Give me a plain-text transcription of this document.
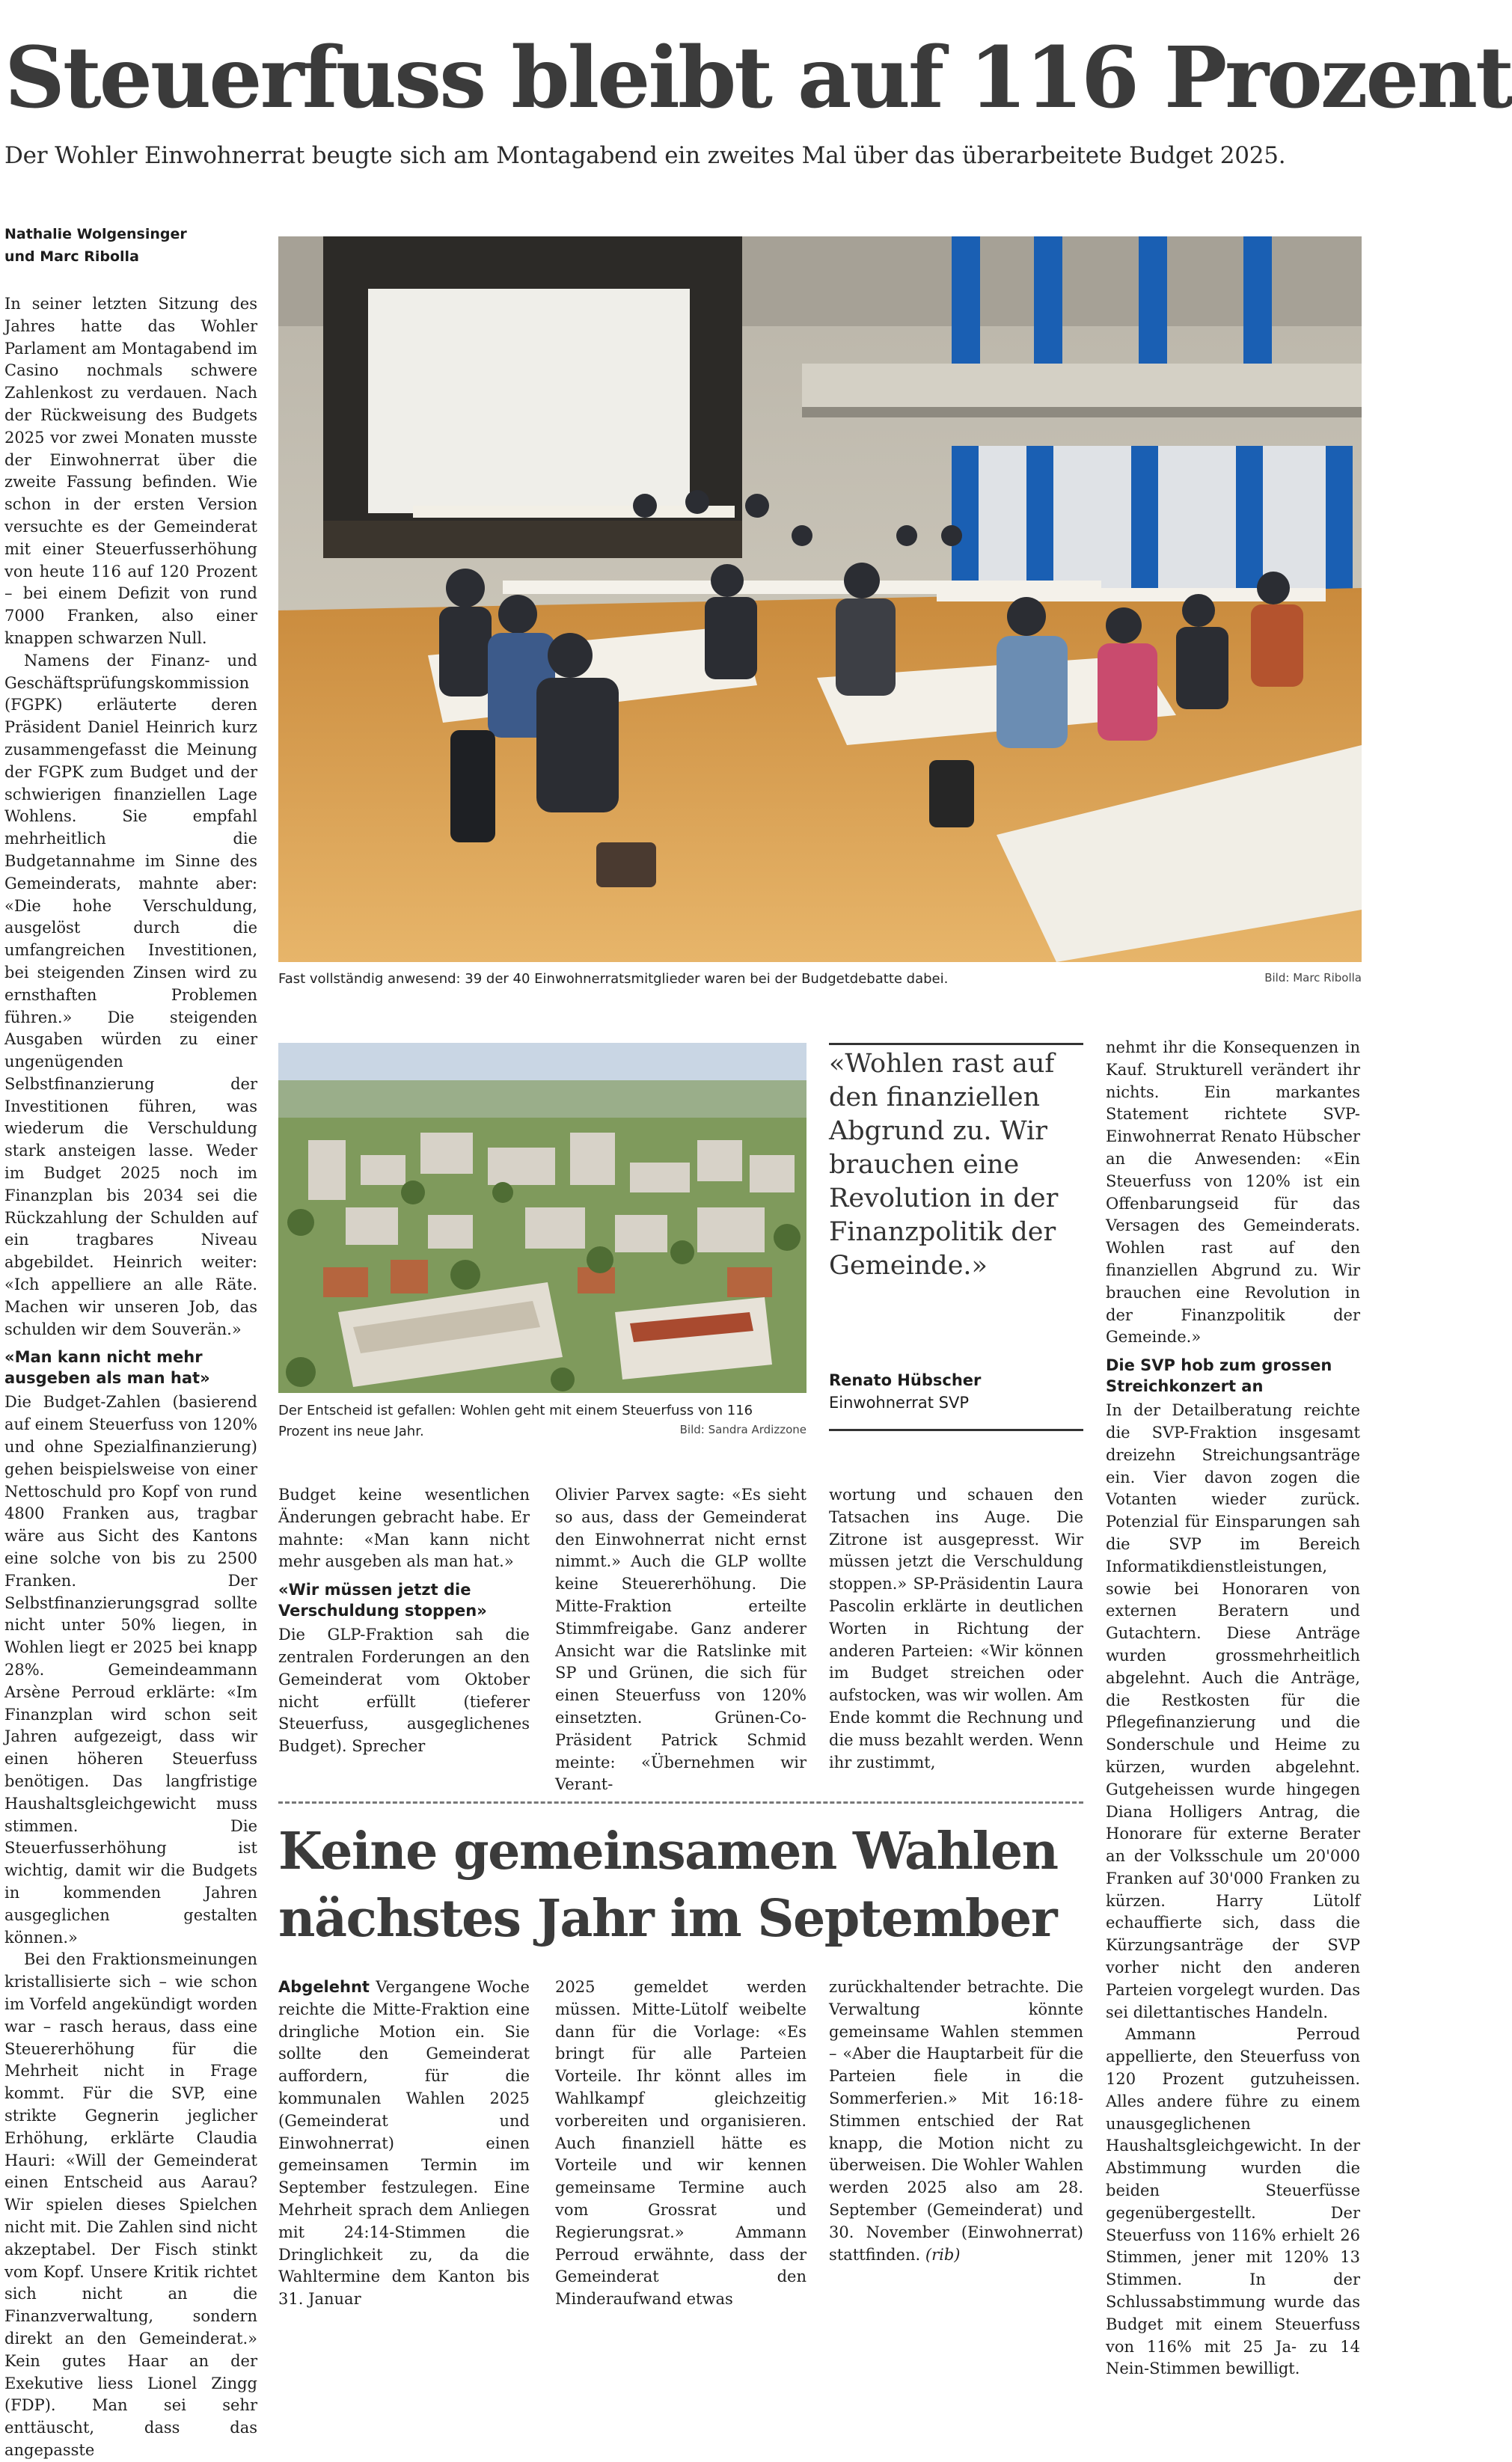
Steuerfuss bleibt auf 116 Prozent
Der Wohler Einwohnerrat beugte sich am Montagabend ein zweites Mal über das überarbeitete Budget 2025.
Nathalie Wolgensinger
und Marc Ribolla

In seiner letzten Sitzung des Jahres hatte das Wohler Parlament am Montagabend im Casino nochmals schwere Zahlenkost zu verdauen. Nach der Rückweisung des Budgets 2025 vor zwei Monaten musste der Einwohnerrat über die zweite Fassung befinden. Wie schon in der ersten Version versuchte es der Gemeinderat mit einer Steuerfusserhöhung von heute 116 auf 120 Prozent – bei einem Defizit von rund 7000 Franken, also einer knappen schwarzen Null.

Namens der Finanz- und Geschäftsprüfungskommission (FGPK) erläuterte deren Präsident Daniel Heinrich kurz zusammengefasst die Meinung der FGPK zum Budget und der schwierigen finanziellen Lage Wohlens. Sie empfahl mehrheitlich die Budgetannahme im Sinne des Gemeinderats, mahnte aber: «Die hohe Verschuldung, ausgelöst durch die umfangreichen Investitionen, bei steigenden Zinsen wird zu ernsthaften Problemen führen.» Die steigenden Ausgaben würden zu einer ungenügenden Selbstfinanzierung der Investitionen führen, was wiederum die Verschuldung stark ansteigen lasse. Weder im Budget 2025 noch im Finanzplan bis 2034 sei die Rückzahlung der Schulden auf ein tragbares Niveau abgebildet. Heinrich weiter: «Ich appelliere an alle Räte. Machen wir unseren Job, das schulden wir dem Souverän.»

«Man kann nicht mehr ausgeben als man hat»

Die Budget-Zahlen (basierend auf einem Steuerfuss von 120% und ohne Spezialfinanzierung) gehen beispielsweise von einer Nettoschuld pro Kopf von rund 4800 Franken aus, tragbar wäre aus Sicht des Kantons eine solche von bis zu 2500 Franken. Der Selbstfinanzierungsgrad sollte nicht unter 50% liegen, in Wohlen liegt er 2025 bei knapp 28%. Gemeindeammann Arsène Perroud erklärte: «Im Finanzplan wird schon seit Jahren aufgezeigt, dass wir einen höheren Steuerfuss benötigen. Das langfristige Haushaltsgleichgewicht muss stimmen. Die Steuerfusserhöhung ist wichtig, damit wir die Budgets in kommenden Jahren ausgeglichen gestalten können.»

Bei den Fraktionsmeinungen kristallisierte sich – wie schon im Vorfeld angekündigt worden war – rasch heraus, dass eine Steuererhöhung für die Mehrheit nicht in Frage kommt. Für die SVP, eine strikte Gegnerin jeglicher Erhöhung, erklärte Claudia Hauri: «Will der Gemeinderat einen Entscheid aus Aarau? Wir spielen dieses Spielchen nicht mit. Die Zahlen sind nicht akzeptabel. Der Fisch stinkt vom Kopf. Unsere Kritik richtet sich nicht an die Finanzverwaltung, sondern direkt an den Gemeinderat.» Kein gutes Haar an der Exekutive liess Lionel Zingg (FDP). Man sei sehr enttäuscht, dass das angepasste

Fast vollständig anwesend: 39 der 40 Einwohnerratsmitglieder waren bei der Budgetdebatte dabei.	Bild: Marc Ribolla
Der Entscheid ist gefallen: Wohlen geht mit einem Steuerfuss von 116 Prozent ins neue Jahr.	Bild: Sandra Ardizzone
«Wohlen rast auf den finanziellen Abgrund zu. Wir brauchen eine Revolution in der Finanzpolitik der Gemeinde.»
Renato Hübscher
Einwohnerrat SVP

Budget keine wesentlichen Änderungen gebracht habe. Er mahnte: «Man kann nicht mehr ausgeben als man hat.»

«Wir müssen jetzt die Verschuldung stoppen»

Die GLP-Fraktion sah die zentralen Forderungen an den Gemeinderat vom Oktober nicht erfüllt (tieferer Steuerfuss, ausgeglichenes Budget). Sprecher

Olivier Parvex sagte: «Es sieht so aus, dass der Gemeinderat den Einwohnerrat nicht ernst nimmt.» Auch die GLP wollte keine Steuererhöhung. Die Mitte-Fraktion erteilte Stimmfreigabe. Ganz anderer Ansicht war die Ratslinke mit SP und Grünen, die sich für einen Steuerfuss von 120% einsetzten. Grünen-Co-Präsident Patrick Schmid meinte: «Übernehmen wir Verant-

wortung und schauen den Tatsachen ins Auge. Die Zitrone ist ausgepresst. Wir müssen jetzt die Verschuldung stoppen.» SP-Präsidentin Laura Pascolin erklärte in deutlichen Worten in Richtung der anderen Parteien: «Wir können im Budget streichen oder aufstocken, was wir wollen. Am Ende kommt die Rechnung und die muss bezahlt werden. Wenn ihr zustimmt,

nehmt ihr die Konsequenzen in Kauf. Strukturell verändert ihr nichts. Ein markantes Statement richtete SVP-Einwohnerrat Renato Hübscher an die Anwesenden: «Ein Steuerfuss von 120% ist ein Offenbarungseid für das Versagen des Gemeinderats. Wohlen rast auf den finanziellen Abgrund zu. Wir brauchen eine Revolution in der Finanzpolitik der Gemeinde.»

Die SVP hob zum grossen Streichkonzert an

In der Detailberatung reichte die SVP-Fraktion insgesamt dreizehn Streichungsanträge ein. Vier davon zogen die Votanten wieder zurück. Potenzial für Einsparungen sah die SVP im Bereich Informatikdienstleistungen, sowie bei Honoraren von externen Beratern und Gutachtern. Diese Anträge wurden grossmehrheitlich abgelehnt. Auch die Anträge, die Restkosten für die Pflegefinanzierung und die Sonderschule und Heime zu kürzen, wurden abgelehnt. Gutgeheissen wurde hingegen Diana Holligers Antrag, die Honorare für externe Berater an der Volksschule um 20'000 Franken auf 30'000 Franken zu kürzen. Harry Lütolf echauffierte sich, dass die Kürzungsanträge der SVP vorher nicht den anderen Parteien vorgelegt wurden. Das sei dilettantisches Handeln.

Ammann Perroud appellierte, den Steuerfuss von 120 Prozent gutzuheissen. Alles andere führe zu einem unausgeglichenen Haushaltsgleichgewicht. In der Abstimmung wurden die beiden Steuerfüsse gegenübergestellt. Der Steuerfuss von 116% erhielt 26 Stimmen, jener mit 120% 13 Stimmen. In der Schlussabstimmung wurde das Budget mit einem Steuerfuss von 116% mit 25 Ja- zu 14 Nein-Stimmen bewilligt.

Keine gemeinsamen Wahlen nächstes Jahr im September

Abgelehnt Vergangene Woche reichte die Mitte-Fraktion eine dringliche Motion ein. Sie sollte den Gemeinderat auffordern, für die kommunalen Wahlen 2025 (Gemeinderat und Einwohnerrat) einen gemeinsamen Termin im September festzulegen. Eine Mehrheit sprach dem Anliegen mit 24:14-Stimmen die Dringlichkeit zu, da die Wahltermine dem Kanton bis 31. Januar

2025 gemeldet werden müssen. Mitte-Lütolf weibelte dann für die Vorlage: «Es bringt für alle Parteien Vorteile. Ihr könnt alles im Wahlkampf gleichzeitig vorbereiten und organisieren. Auch finanziell hätte es Vorteile und wir kennen gemeinsame Termine auch vom Grossrat und Regierungsrat.» Ammann Perroud erwähnte, dass der Gemeinderat den Minderaufwand etwas

zurückhaltender betrachte. Die Verwaltung könnte gemeinsame Wahlen stemmen – «Aber die Hauptarbeit für die Parteien fiele in die Sommerferien.» Mit 16:18-Stimmen entschied der Rat knapp, die Motion nicht zu überweisen. Die Wohler Wahlen werden 2025 also am 28. September (Gemeinderat) und 30. November (Einwohnerrat) stattfinden. (rib)
